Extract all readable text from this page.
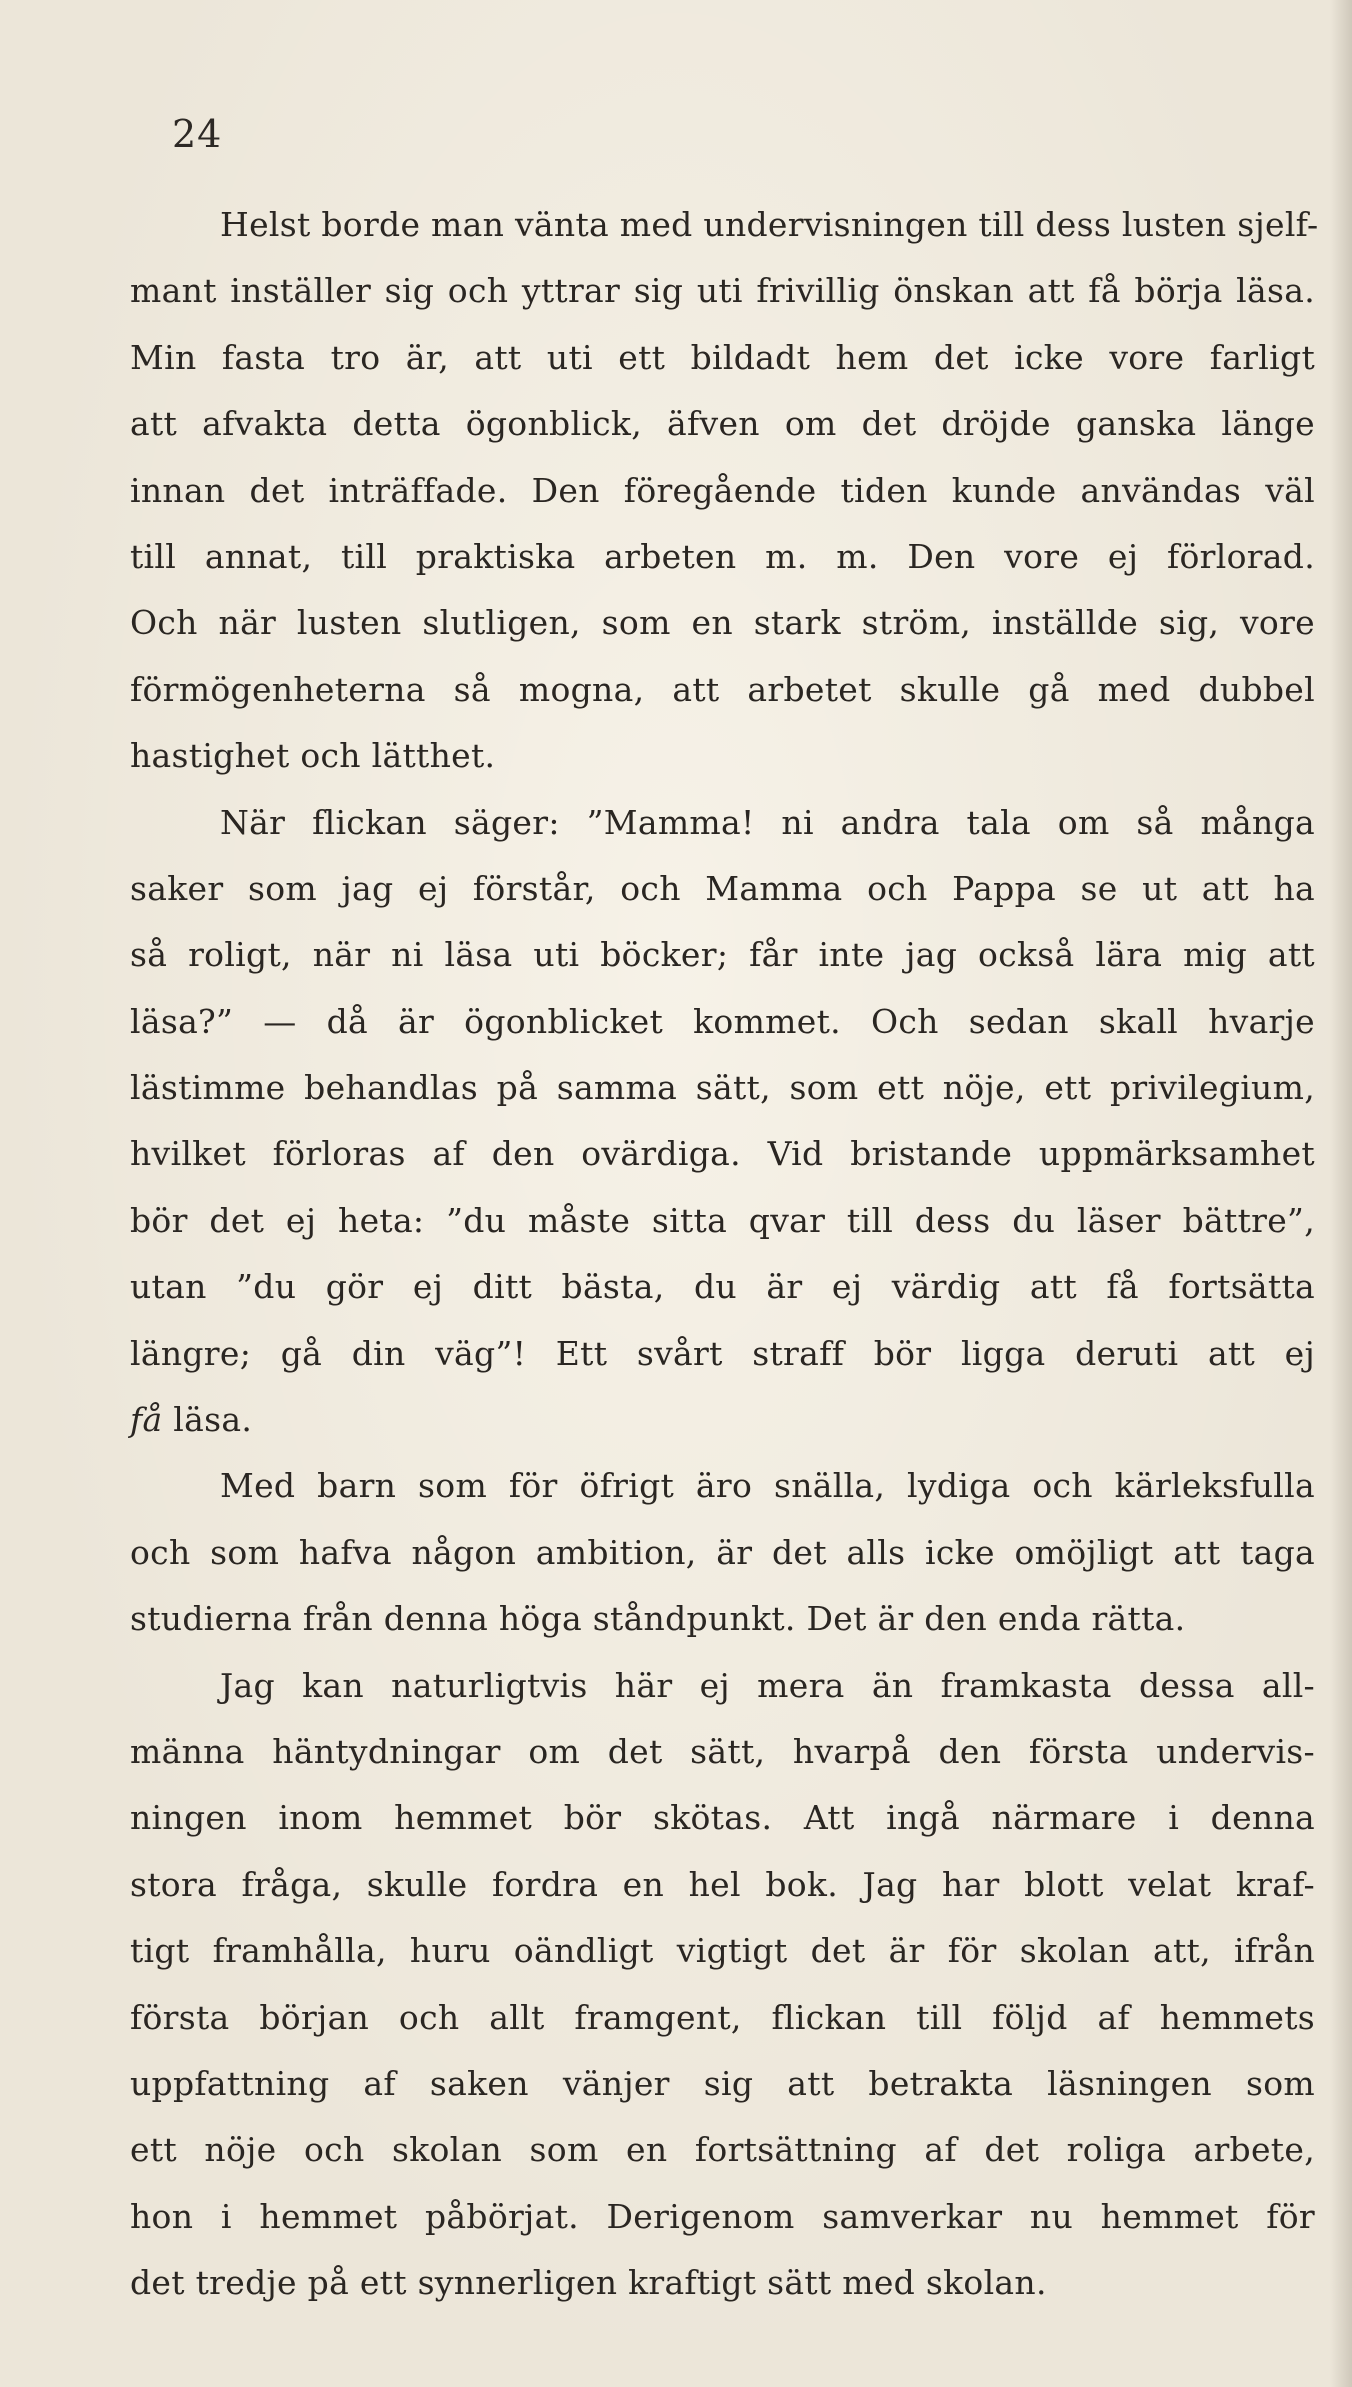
24
Helst borde man vänta med undervisningen till dess lusten sjelf-
mant inställer sig och yttrar sig uti frivillig önskan att få börja läsa.
Min fasta tro är, att uti ett bildadt hem det icke vore farligt
att afvakta detta ögonblick, äfven om det dröjde ganska länge
innan det inträffade. Den föregående tiden kunde användas väl
till annat, till praktiska arbeten m. m. Den vore ej förlorad.
Och när lusten slutligen, som en stark ström, inställde sig, vore
förmögenheterna så mogna, att arbetet skulle gå med dubbel
hastighet och lätthet.
När flickan säger: ”Mamma! ni andra tala om så många
saker som jag ej förstår, och Mamma och Pappa se ut att ha
så roligt, när ni läsa uti böcker; får inte jag också lära mig att
läsa?” — då är ögonblicket kommet. Och sedan skall hvarje
lästimme behandlas på samma sätt, som ett nöje, ett privilegium,
hvilket förloras af den ovärdiga. Vid bristande uppmärksamhet
bör det ej heta: ”du måste sitta qvar till dess du läser bättre”,
utan ”du gör ej ditt bästa, du är ej värdig att få fortsätta
längre; gå din väg”! Ett svårt straff bör ligga deruti att ej
få läsa.
Med barn som för öfrigt äro snälla, lydiga och kärleksfulla
och som hafva någon ambition, är det alls icke omöjligt att taga
studierna från denna höga ståndpunkt. Det är den enda rätta.
Jag kan naturligtvis här ej mera än framkasta dessa all-
männa häntydningar om det sätt, hvarpå den första undervis-
ningen inom hemmet bör skötas. Att ingå närmare i denna
stora fråga, skulle fordra en hel bok. Jag har blott velat kraf-
tigt framhålla, huru oändligt vigtigt det är för skolan att, ifrån
första början och allt framgent, flickan till följd af hemmets
uppfattning af saken vänjer sig att betrakta läsningen som
ett nöje och skolan som en fortsättning af det roliga arbete,
hon i hemmet påbörjat. Derigenom samverkar nu hemmet för
det tredje på ett synnerligen kraftigt sätt med skolan.
